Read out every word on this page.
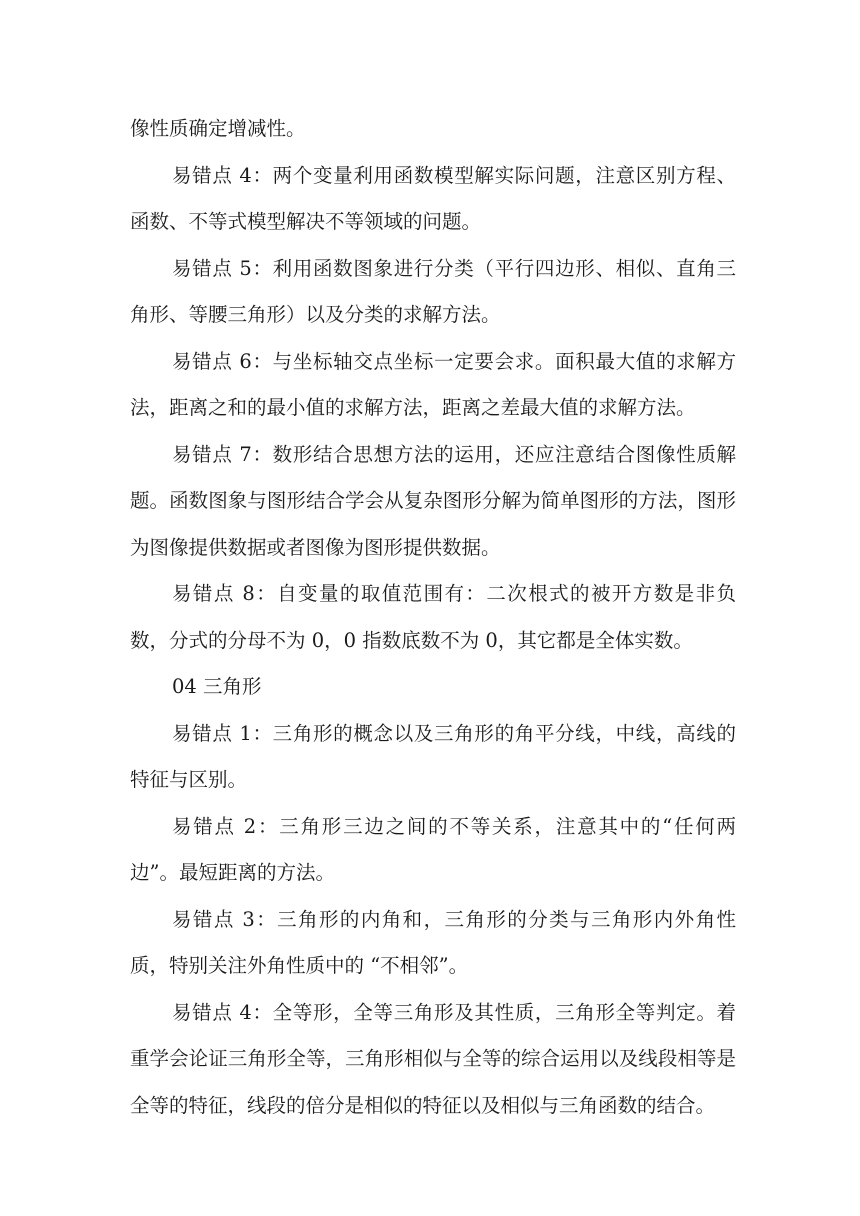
像性质确定增减性。

易错点 4：两个变量利用函数模型解实际问题，注意区别方程、函数、不等式模型解决不等领域的问题。

易错点 5：利用函数图象进行分类（平行四边形、相似、直角三角形、等腰三角形）以及分类的求解方法。

易错点 6：与坐标轴交点坐标一定要会求。面积最大值的求解方法，距离之和的最小值的求解方法，距离之差最大值的求解方法。

易错点 7：数形结合思想方法的运用，还应注意结合图像性质解题。函数图象与图形结合学会从复杂图形分解为简单图形的方法，图形为图像提供数据或者图像为图形提供数据。

易错点 8：自变量的取值范围有：二次根式的被开方数是非负数，分式的分母不为 0，0 指数底数不为 0，其它都是全体实数。

04 三角形

易错点 1：三角形的概念以及三角形的角平分线，中线，高线的特征与区别。

易错点 2：三角形三边之间的不等关系，注意其中的“任何两边”。最短距离的方法。

易错点 3：三角形的内角和，三角形的分类与三角形内外角性质，特别关注外角性质中的 “不相邻”。

易错点 4：全等形，全等三角形及其性质，三角形全等判定。着重学会论证三角形全等，三角形相似与全等的综合运用以及线段相等是全等的特征，线段的倍分是相似的特征以及相似与三角函数的结合。
